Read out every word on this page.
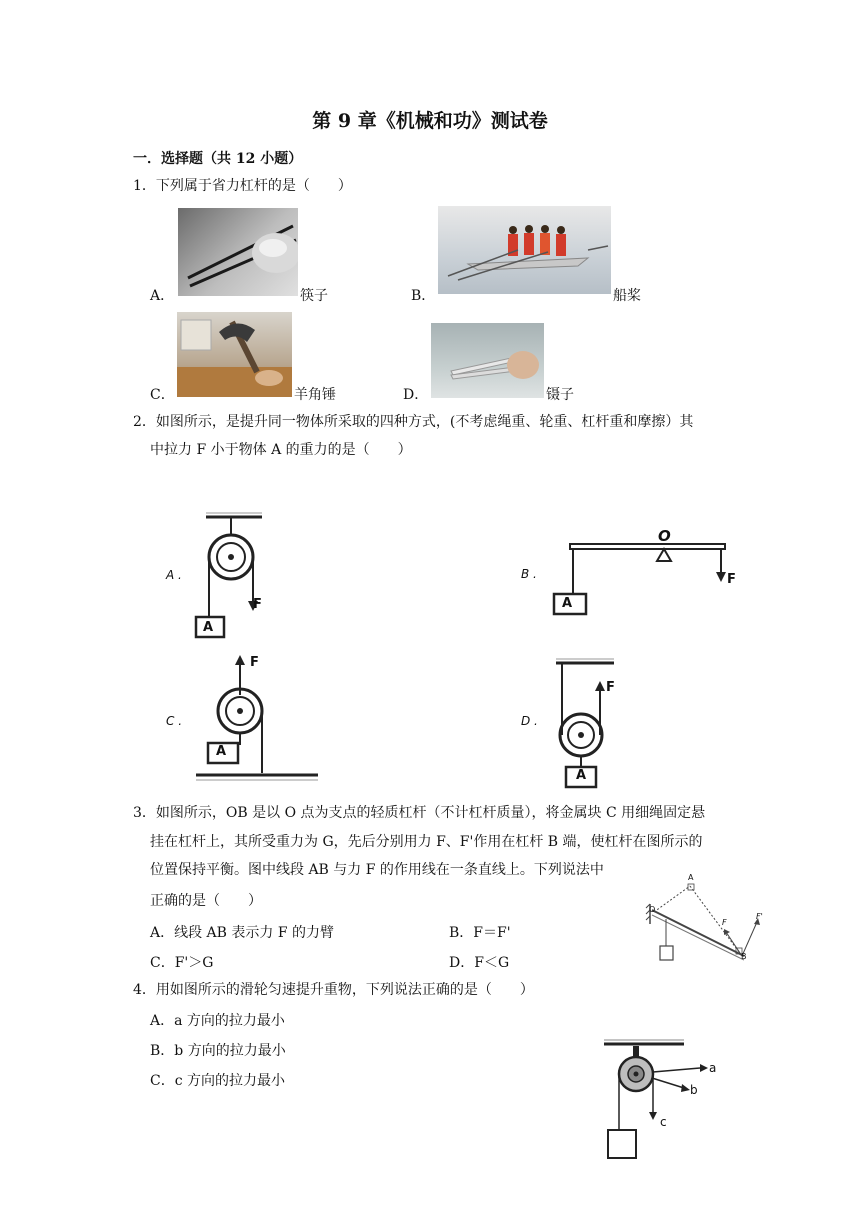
第 9 章《机械和功》测试卷
一．选择题（共 12 小题）
1．下列属于省力杠杆的是（　　）
A．	筷子	B．	船桨
C．	羊角锤	D．	镊子
2．如图所示，是提升同一物体所采取的四种方式，(不考虑绳重、轮重、杠杆重和摩擦）其
中拉力 F 小于物体 A 的重力的是（　　）
A .
F
A
B .
O
F
A
C .
F
A
D .
F
A
3．如图所示，OB 是以 O 点为支点的轻质杠杆（不计杠杆质量），将金属块 C 用细绳固定悬
挂在杠杆上，其所受重力为 G，先后分别用力 F、F'作用在杠杆 B 端，使杠杆在图所示的
位置保持平衡。图中线段 AB 与力 F 的作用线在一条直线上。下列说法中
正确的是（　　）
A．线段 AB 表示力 F 的力臂	B．F＝F'
C．F'＞G	D．F＜G
A
O
B
F
F'
4．用如图所示的滑轮匀速提升重物，下列说法正确的是（　　）
A．a 方向的拉力最小
B．b 方向的拉力最小
C．c 方向的拉力最小
a
b
c
